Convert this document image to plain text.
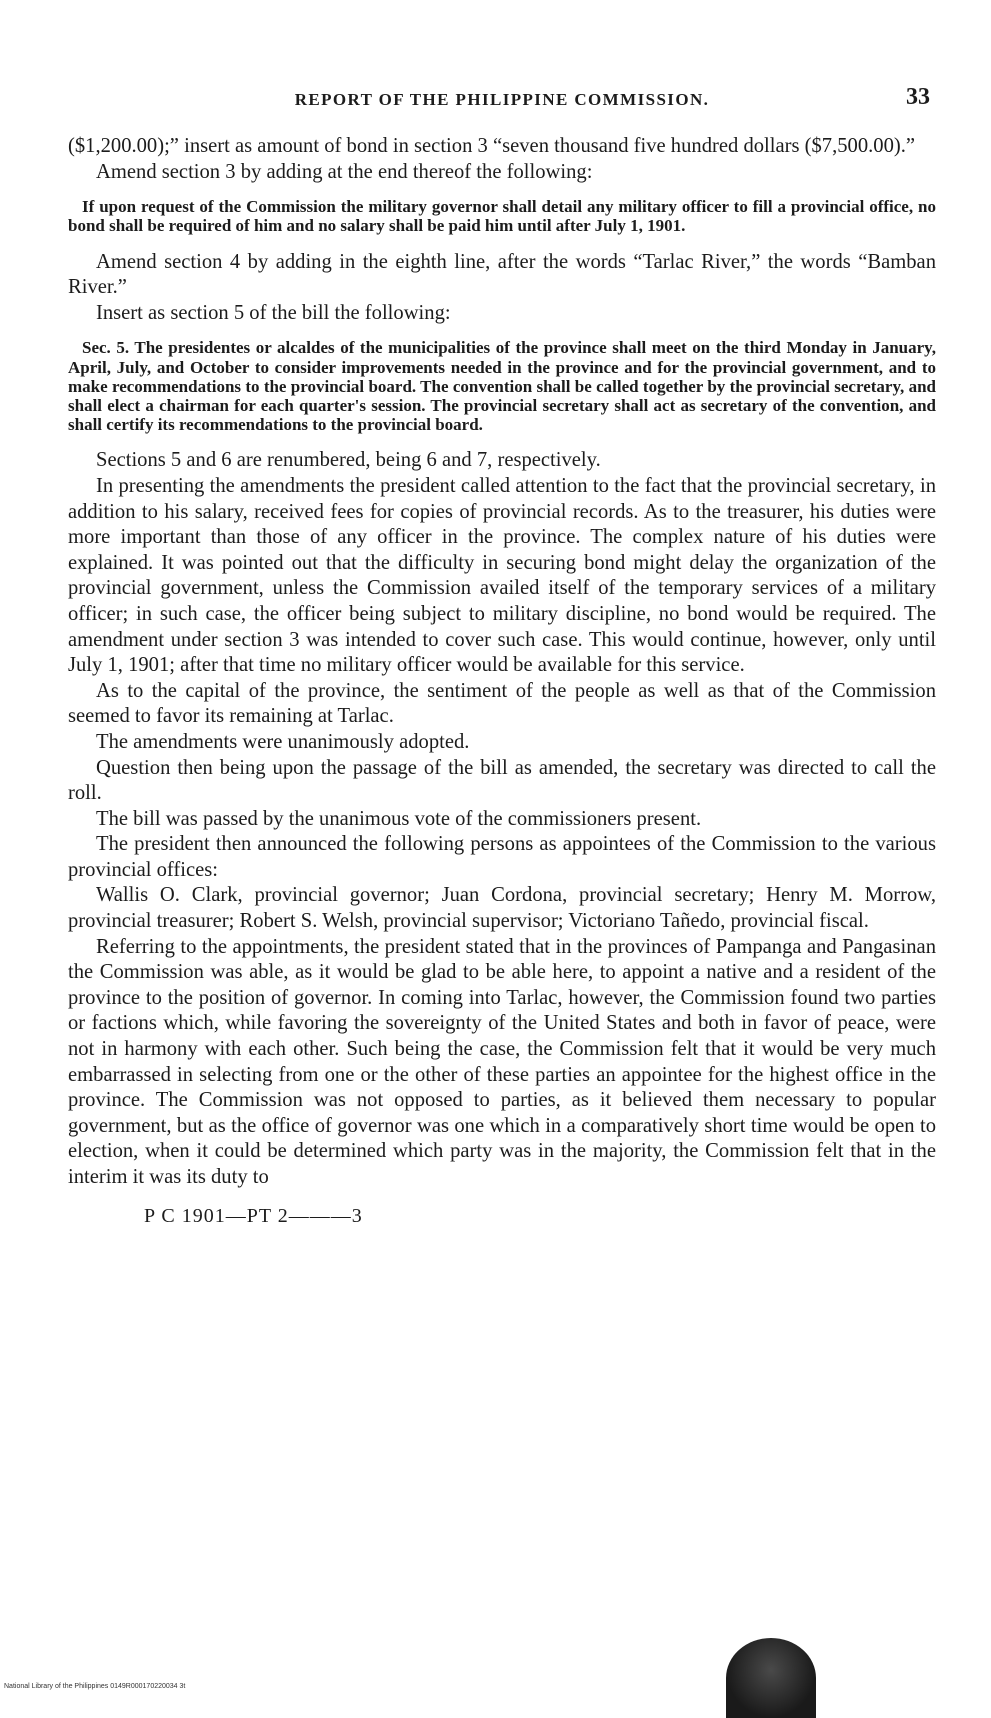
REPORT OF THE PHILIPPINE COMMISSION.	33

($1,200.00);” insert as amount of bond in section 3 “seven thousand five hundred dollars ($7,500.00).”

Amend section 3 by adding at the end thereof the following:

If upon request of the Commission the military governor shall detail any military officer to fill a provincial office, no bond shall be required of him and no salary shall be paid him until after July 1, 1901.

Amend section 4 by adding in the eighth line, after the words “Tarlac River,” the words “Bamban River.”

Insert as section 5 of the bill the following:

Sec. 5. The presidentes or alcaldes of the municipalities of the province shall meet on the third Monday in January, April, July, and October to consider improvements needed in the province and for the provincial government, and to make recommendations to the provincial board. The convention shall be called together by the provincial secretary, and shall elect a chairman for each quarter's session. The provincial secretary shall act as secretary of the convention, and shall certify its recommendations to the provincial board.

Sections 5 and 6 are renumbered, being 6 and 7, respectively.

In presenting the amendments the president called attention to the fact that the provincial secretary, in addition to his salary, received fees for copies of provincial records. As to the treasurer, his duties were more important than those of any officer in the province. The complex nature of his duties were explained. It was pointed out that the difficulty in securing bond might delay the organization of the provincial government, unless the Commission availed itself of the temporary services of a military officer; in such case, the officer being subject to military discipline, no bond would be required. The amendment under section 3 was intended to cover such case. This would continue, however, only until July 1, 1901; after that time no military officer would be available for this service.

As to the capital of the province, the sentiment of the people as well as that of the Commission seemed to favor its remaining at Tarlac.

The amendments were unanimously adopted.

Question then being upon the passage of the bill as amended, the secretary was directed to call the roll.

The bill was passed by the unanimous vote of the commissioners present.

The president then announced the following persons as appointees of the Commission to the various provincial offices:

Wallis O. Clark, provincial governor; Juan Cordona, provincial secretary; Henry M. Morrow, provincial treasurer; Robert S. Welsh, provincial supervisor; Victoriano Tañedo, provincial fiscal.

Referring to the appointments, the president stated that in the provinces of Pampanga and Pangasinan the Commission was able, as it would be glad to be able here, to appoint a native and a resident of the province to the position of governor. In coming into Tarlac, however, the Commission found two parties or factions which, while favoring the sovereignty of the United States and both in favor of peace, were not in harmony with each other. Such being the case, the Commission felt that it would be very much embarrassed in selecting from one or the other of these parties an appointee for the highest office in the province. The Commission was not opposed to parties, as it believed them necessary to popular government, but as the office of governor was one which in a comparatively short time would be open to election, when it could be determined which party was in the majority, the Commission felt that in the interim it was its duty to

P C 1901—PT 2———3
National Library of the Philippines 0149R000170220034 3t
